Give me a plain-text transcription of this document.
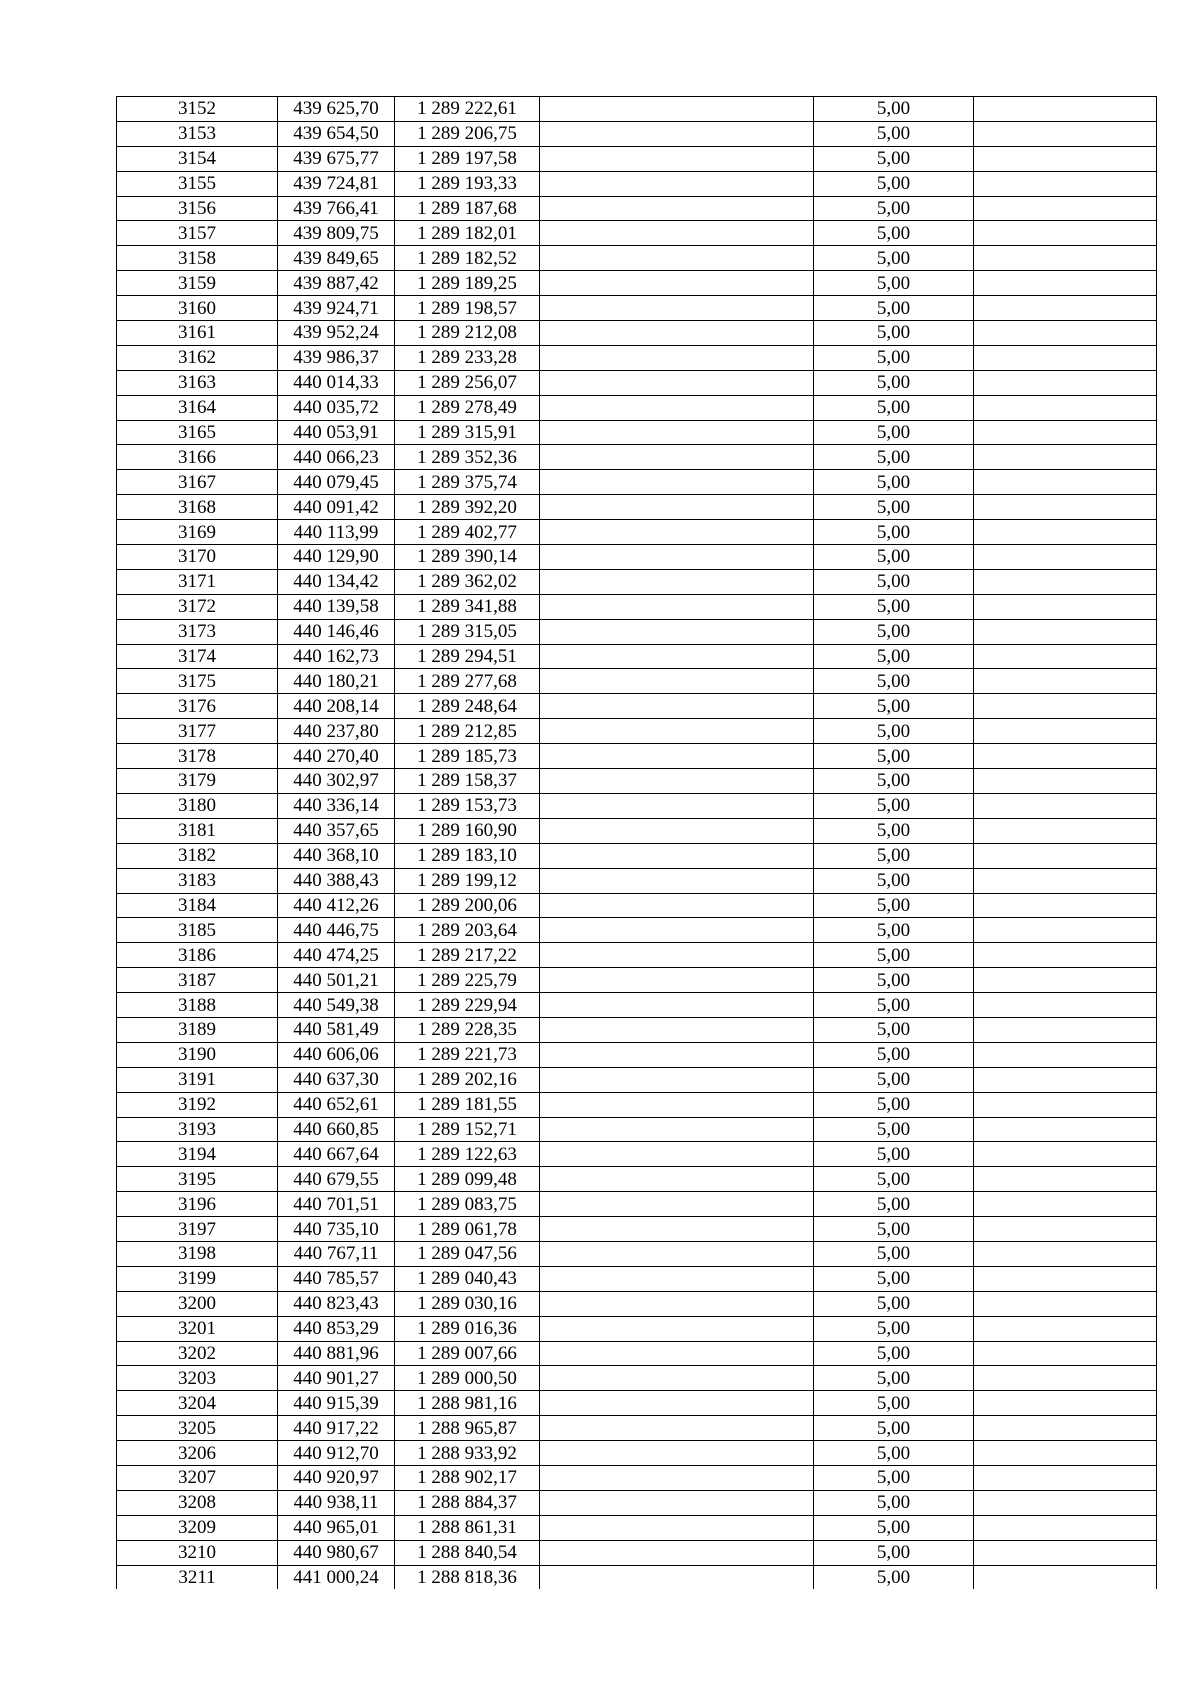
3152	439 625,70	1 289 222,61		5,00	
3153	439 654,50	1 289 206,75		5,00	
3154	439 675,77	1 289 197,58		5,00	
3155	439 724,81	1 289 193,33		5,00	
3156	439 766,41	1 289 187,68		5,00	
3157	439 809,75	1 289 182,01		5,00	
3158	439 849,65	1 289 182,52		5,00	
3159	439 887,42	1 289 189,25		5,00	
3160	439 924,71	1 289 198,57		5,00	
3161	439 952,24	1 289 212,08		5,00	
3162	439 986,37	1 289 233,28		5,00	
3163	440 014,33	1 289 256,07		5,00	
3164	440 035,72	1 289 278,49		5,00	
3165	440 053,91	1 289 315,91		5,00	
3166	440 066,23	1 289 352,36		5,00	
3167	440 079,45	1 289 375,74		5,00	
3168	440 091,42	1 289 392,20		5,00	
3169	440 113,99	1 289 402,77		5,00	
3170	440 129,90	1 289 390,14		5,00	
3171	440 134,42	1 289 362,02		5,00	
3172	440 139,58	1 289 341,88		5,00	
3173	440 146,46	1 289 315,05		5,00	
3174	440 162,73	1 289 294,51		5,00	
3175	440 180,21	1 289 277,68		5,00	
3176	440 208,14	1 289 248,64		5,00	
3177	440 237,80	1 289 212,85		5,00	
3178	440 270,40	1 289 185,73		5,00	
3179	440 302,97	1 289 158,37		5,00	
3180	440 336,14	1 289 153,73		5,00	
3181	440 357,65	1 289 160,90		5,00	
3182	440 368,10	1 289 183,10		5,00	
3183	440 388,43	1 289 199,12		5,00	
3184	440 412,26	1 289 200,06		5,00	
3185	440 446,75	1 289 203,64		5,00	
3186	440 474,25	1 289 217,22		5,00	
3187	440 501,21	1 289 225,79		5,00	
3188	440 549,38	1 289 229,94		5,00	
3189	440 581,49	1 289 228,35		5,00	
3190	440 606,06	1 289 221,73		5,00	
3191	440 637,30	1 289 202,16		5,00	
3192	440 652,61	1 289 181,55		5,00	
3193	440 660,85	1 289 152,71		5,00	
3194	440 667,64	1 289 122,63		5,00	
3195	440 679,55	1 289 099,48		5,00	
3196	440 701,51	1 289 083,75		5,00	
3197	440 735,10	1 289 061,78		5,00	
3198	440 767,11	1 289 047,56		5,00	
3199	440 785,57	1 289 040,43		5,00	
3200	440 823,43	1 289 030,16		5,00	
3201	440 853,29	1 289 016,36		5,00	
3202	440 881,96	1 289 007,66		5,00	
3203	440 901,27	1 289 000,50		5,00	
3204	440 915,39	1 288 981,16		5,00	
3205	440 917,22	1 288 965,87		5,00	
3206	440 912,70	1 288 933,92		5,00	
3207	440 920,97	1 288 902,17		5,00	
3208	440 938,11	1 288 884,37		5,00	
3209	440 965,01	1 288 861,31		5,00	
3210	440 980,67	1 288 840,54		5,00	
3211	441 000,24	1 288 818,36		5,00	
